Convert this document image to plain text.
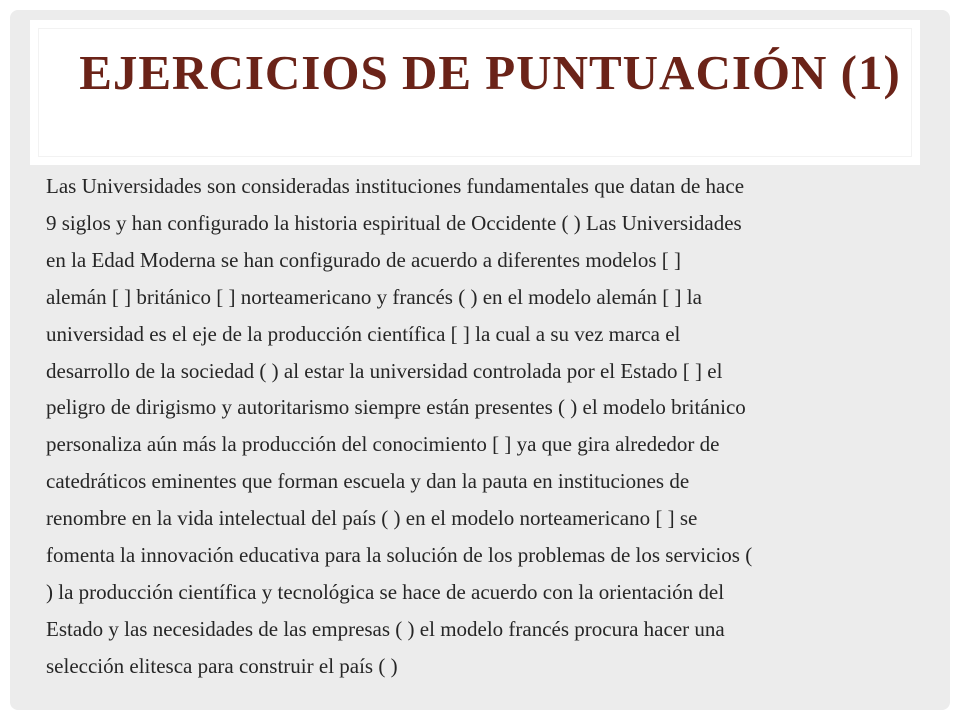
EJERCICIOS DE PUNTUACIÓN (1)
Las Universidades son consideradas instituciones fundamentales que datan de hace
9 siglos y han configurado la historia espiritual de Occidente ( ) Las Universidades
en la Edad Moderna se han configurado de acuerdo a diferentes modelos [ ]
alemán [ ] británico [ ] norteamericano y francés ( ) en el modelo alemán [ ] la
universidad es el eje de la producción científica [ ] la cual a su vez marca el
desarrollo de la sociedad ( ) al estar la universidad controlada por el Estado [ ] el
peligro de dirigismo y autoritarismo siempre están presentes ( ) el modelo británico
personaliza aún más la producción del conocimiento [ ] ya que gira alrededor de
catedráticos eminentes que forman escuela y dan la pauta en instituciones de
renombre en la vida intelectual del país ( ) en el modelo norteamericano [ ] se
fomenta la innovación educativa para la solución de los problemas de los servicios (
) la producción científica y tecnológica se hace de acuerdo con la orientación del
Estado y las necesidades de las empresas ( ) el modelo francés procura hacer una
selección elitesca para construir el país ( )
